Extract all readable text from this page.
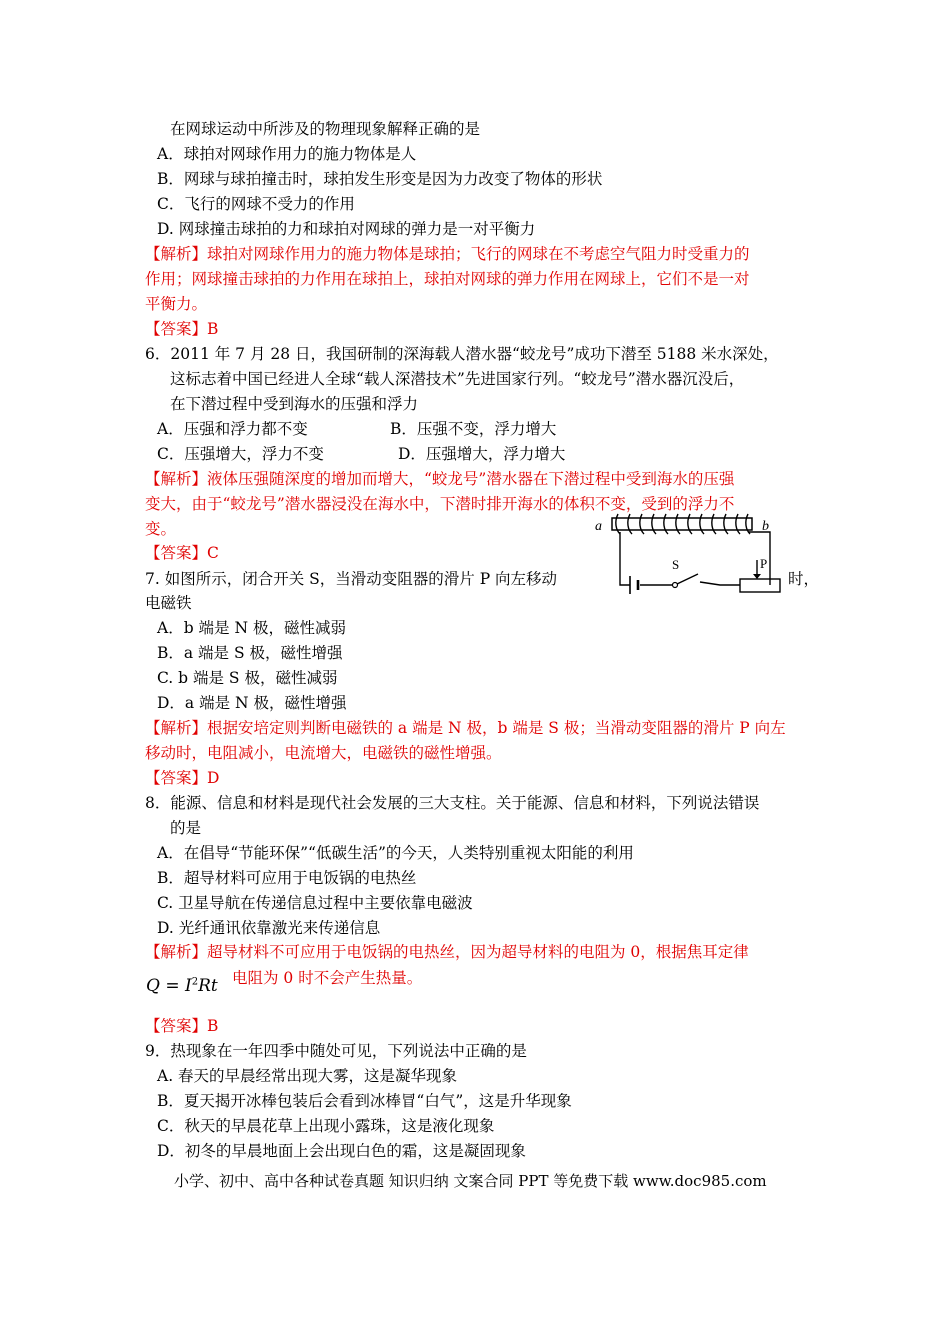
在网球运动中所涉及的物理现象解释正确的是
A．球拍对网球作用力的施力物体是人
B．网球与球拍撞击时，球拍发生形变是因为力改变了物体的形状
C．飞行的网球不受力的作用
D. 网球撞击球拍的力和球拍对网球的弹力是一对平衡力
【解析】球拍对网球作用力的施力物体是球拍；飞行的网球在不考虑空气阻力时受重力的
作用；网球撞击球拍的力作用在球拍上，球拍对网球的弹力作用在网球上，它们不是一对
平衡力。
【答案】B
6．2011 年 7 月 28 日，我国研制的深海载人潜水器“蛟龙号”成功下潜至 5188 米水深处，
这标志着中国已经进人全球“载人深潜技术”先进国家行列。“蛟龙号”潜水器沉没后，
在下潜过程中受到海水的压强和浮力
A．压强和浮力都不变	B．压强不变，浮力增大
C．压强增大，浮力不变	D．压强增大，浮力增大
【解析】液体压强随深度的增加而增大，“蛟龙号”潜水器在下潜过程中受到海水的压强
变大，由于“蛟龙号”潜水器浸没在海水中，下潜时排开海水的体积不变，受到的浮力不
变。
【答案】C
7. 如图所示，闭合开关 S，当滑动变阻器的滑片 P 向左移动	时，
电磁铁
a	b
S	P
A．b 端是 N 极，磁性减弱
B．a 端是 S 极，磁性增强
C. b 端是 S 极，磁性减弱
D．a 端是 N 极，磁性增强
【解析】根据安培定则判断电磁铁的 a 端是 N 极，b 端是 S 极；当滑动变阻器的滑片 P 向左
移动时，电阻减小，电流增大，电磁铁的磁性增强。
【答案】D
8．能源、信息和材料是现代社会发展的三大支柱。关于能源、信息和材料，下列说法错误
的是
A．在倡导“节能环保”“低碳生活”的今天，人类特别重视太阳能的利用
B．超导材料可应用于电饭锅的电热丝
C. 卫星导航在传递信息过程中主要依靠电磁波
D. 光纤通讯依靠激光来传递信息
【解析】超导材料不可应用于电饭锅的电热丝，因为超导材料的电阻为 0，根据焦耳定律
$Q = I^2Rt$ 电阻为 0 时不会产生热量。
【答案】B
9．热现象在一年四季中随处可见，下列说法中正确的是
A. 春天的早晨经常出现大雾，这是凝华现象
B．夏天揭开冰棒包装后会看到冰棒冒“白气”，这是升华现象
C．秋天的早晨花草上出现小露珠，这是液化现象
D．初冬的早晨地面上会出现白色的霜，这是凝固现象
小学、初中、高中各种试卷真题 知识归纳 文案合同 PPT 等免费下载 www.doc985.com
